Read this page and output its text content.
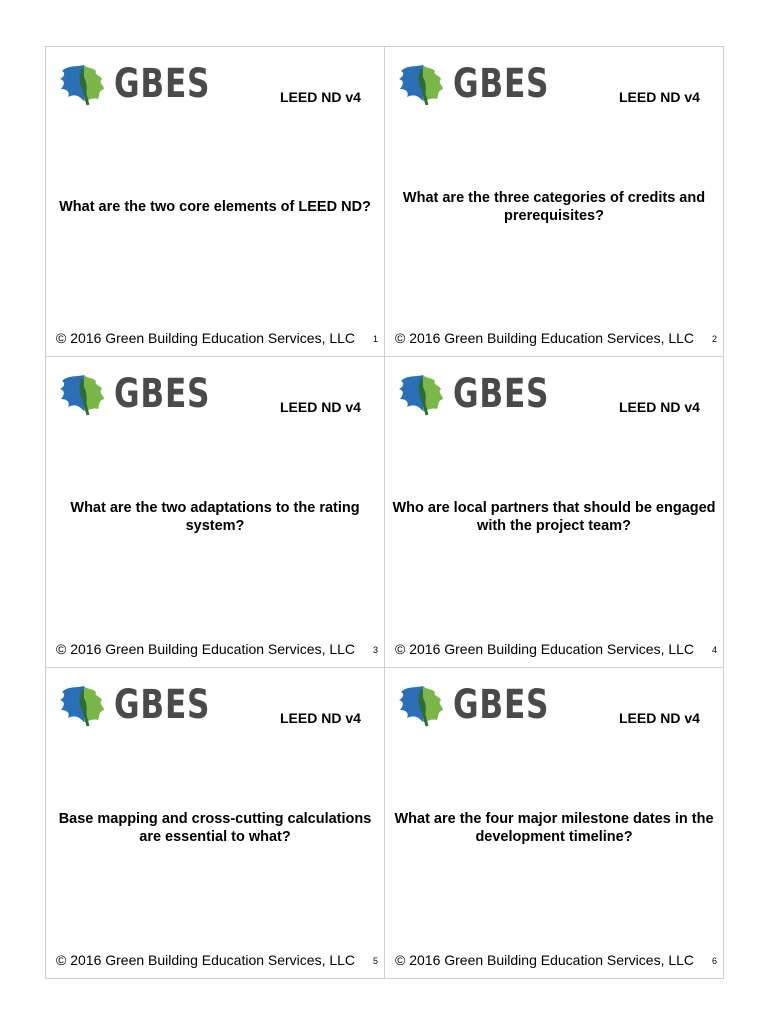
GBES	LEED ND v4
What are the two core elements of LEED ND?
© 2016 Green Building Education Services, LLC 1
GBES	LEED ND v4
What are the three categories of credits and prerequisites?
© 2016 Green Building Education Services, LLC 2
GBES	LEED ND v4
What are the two adaptations to the rating system?
© 2016 Green Building Education Services, LLC 3
GBES	LEED ND v4
Who are local partners that should be engaged with the project team?
© 2016 Green Building Education Services, LLC 4
GBES	LEED ND v4
Base mapping and cross-cutting calculations are essential to what?
© 2016 Green Building Education Services, LLC 5
GBES	LEED ND v4
What are the four major milestone dates in the development timeline?
© 2016 Green Building Education Services, LLC 6
